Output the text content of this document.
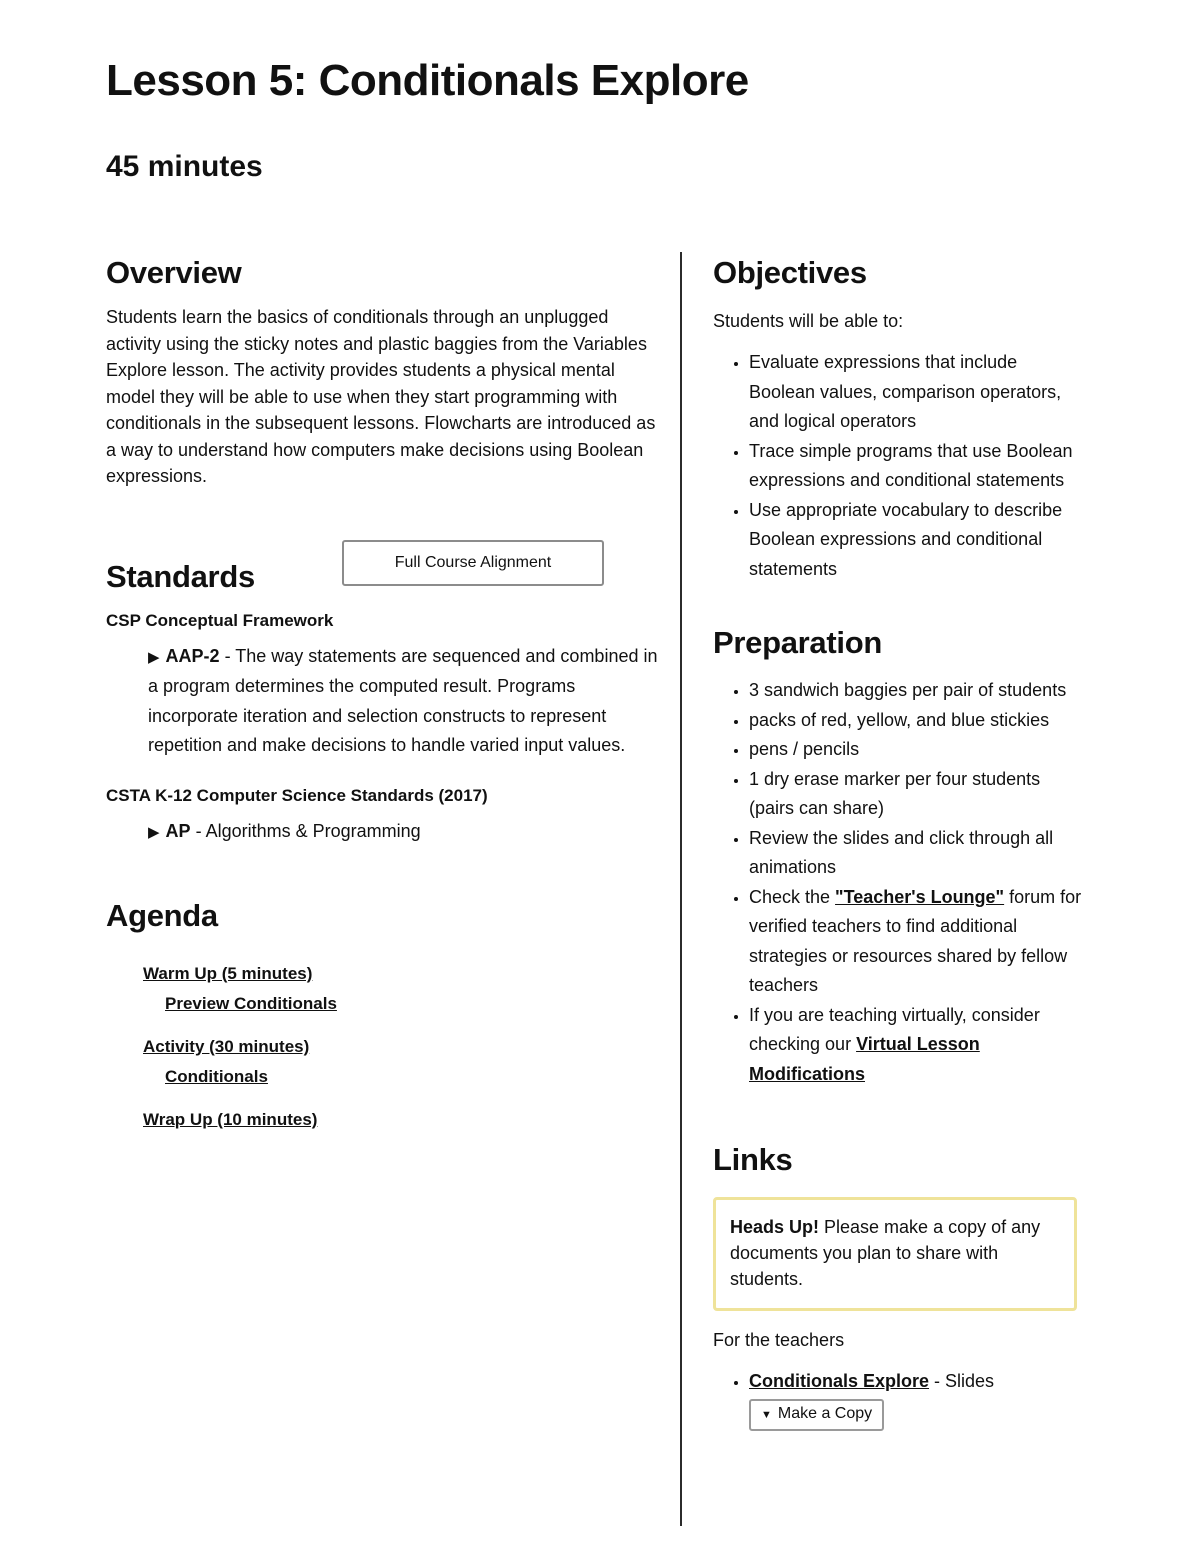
Lesson 5: Conditionals Explore
45 minutes
Overview

Students learn the basics of conditionals through an unplugged activity using the sticky notes and plastic baggies from the Variables Explore lesson. The activity provides students a physical mental model they will be able to use when they start programming with conditionals in the subsequent lessons. Flowcharts are introduced as a way to understand how computers make decisions using Boolean expressions.

Standards	Full Course Alignment
CSP Conceptual Framework
▶ AAP-2 - The way statements are sequenced and combined in a program determines the computed result. Programs incorporate iteration and selection constructs to represent repetition and make decisions to handle varied input values.
CSTA K-12 Computer Science Standards (2017)
▶ AP - Algorithms & Programming
Agenda
Warm Up (5 minutes)
Preview Conditionals
Activity (30 minutes)
Conditionals
Wrap Up (10 minutes)
Objectives

Students will be able to:

• Evaluate expressions that include Boolean values, comparison operators, and logical operators
• Trace simple programs that use Boolean expressions and conditional statements
• Use appropriate vocabulary to describe Boolean expressions and conditional statements
Preparation
• 3 sandwich baggies per pair of students
• packs of red, yellow, and blue stickies
• pens / pencils
• 1 dry erase marker per four students (pairs can share)
• Review the slides and click through all animations
• Check the "Teacher's Lounge" forum for verified teachers to find additional strategies or resources shared by fellow teachers
• If you are teaching virtually, consider checking our Virtual Lesson Modifications
Links
Heads Up! Please make a copy of any documents you plan to share with students.

For the teachers

• Conditionals Explore - Slides
▼ Make a Copy
